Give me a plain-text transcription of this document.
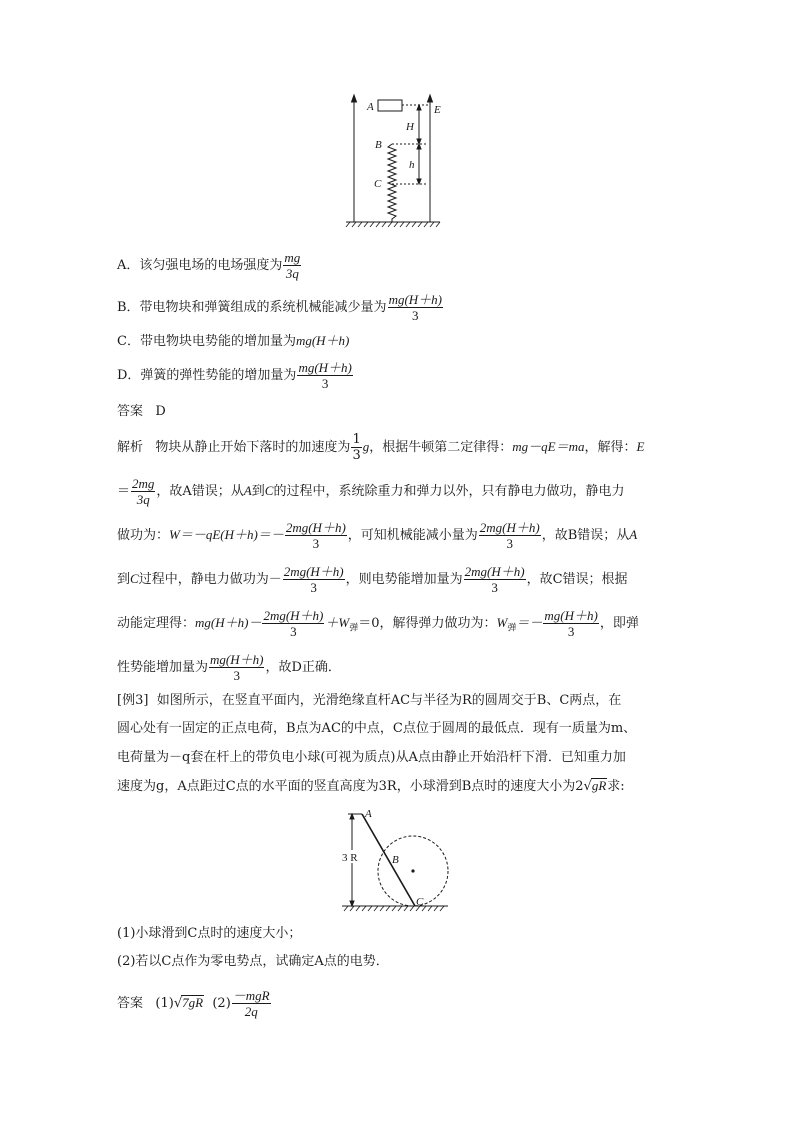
A	E
H
B
h
C
A．该匀强电场的电场强度为 $\frac{mg}{3q}$
B．带电物块和弹簧组成的系统机械能减少量为 $\frac{mg(H+h)}{3}$
C．带电物块电势能的增加量为mg(H＋h)
D．弹簧的弹性势能的增加量为 $\frac{mg(H+h)}{3}$
答案 D
解析 物块从静止开始下落时的加速度为 $\frac{1}{3}$ g，根据牛顿第二定律得：mg－qE＝ma，解得：E
＝ $\frac{2mg}{3q}$ ，故A错误；从A到C的过程中，系统除重力和弹力以外，只有静电力做功，静电力
做功为：$W=-qE(H+h)=- \frac{2mg(H+h)}{3}$ ，可知机械能减小量为 $\frac{2mg(H+h)}{3}$ ，故B错误；从A
到C过程中，静电力做功为－ $\frac{2mg(H+h)}{3}$ ，则电势能增加量为 $\frac{2mg(H+h)}{3}$ ，故C错误；根据
动能定理得：$mg(H+h)- \frac{2mg(H+h)}{3} +W_弹=0$，解得弹力做功为：$W_弹=- \frac{mg(H+h)}{3}$ ，即弹
性势能增加量为 $\frac{mg(H+h)}{3}$ ，故D正确．
[例3] 如图所示，在竖直平面内，光滑绝缘直杆AC与半径为R的圆周交于B、C两点，在
圆心处有一固定的正点电荷，B点为AC的中点，C点位于圆周的最低点．现有一质量为m、
电荷量为－q套在杆上的带负电小球(可视为质点)从A点由静止开始沿杆下滑．已知重力加
速度为g，A点距过C点的水平面的竖直高度为3R，小球滑到B点时的速度大小为2√gR求:
3 R
A
B
C
(1)小球滑到C点时的速度大小；
(2)若以C点作为零电势点，试确定A点的电势．
答案 (1)√7gR $(2) \frac{\text{－mgR}}{2q}$
